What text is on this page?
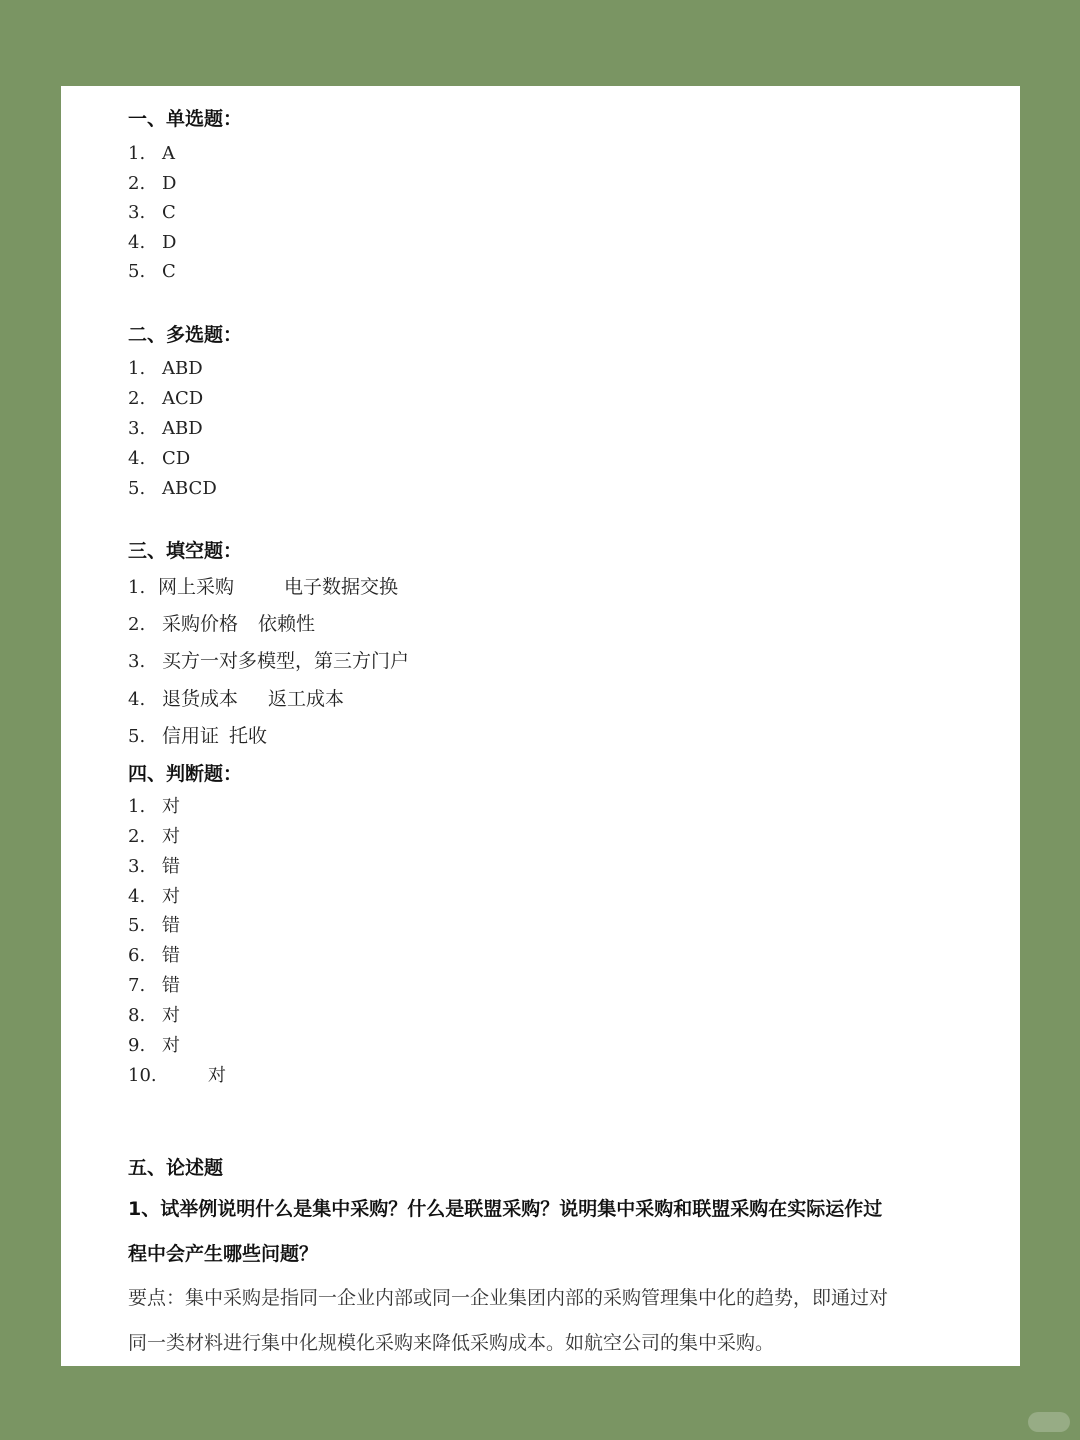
一、单选题：
1. A
2. D
3. C
4. D
5. C
二、多选题：
1. ABD
2. ACD
3. ABD
4. CD
5. ABCD
三、填空题：
1. 网上采购	电子数据交换
2. 采购价格 依赖性
3. 买方一对多模型，第三方门户
4. 退货成本 返工成本
5. 信用证 托收
四、判断题：
1. 对
2. 对
3. 错
4. 对
5. 错
6. 错
7. 错
8. 对
9. 对
10.	对
五、论述题
1、试举例说明什么是集中采购？什么是联盟采购？说明集中采购和联盟采购在实际运作过
程中会产生哪些问题？
要点：集中采购是指同一企业内部或同一企业集团内部的采购管理集中化的趋势，即通过对
同一类材料进行集中化规模化采购来降低采购成本。如航空公司的集中采购。
